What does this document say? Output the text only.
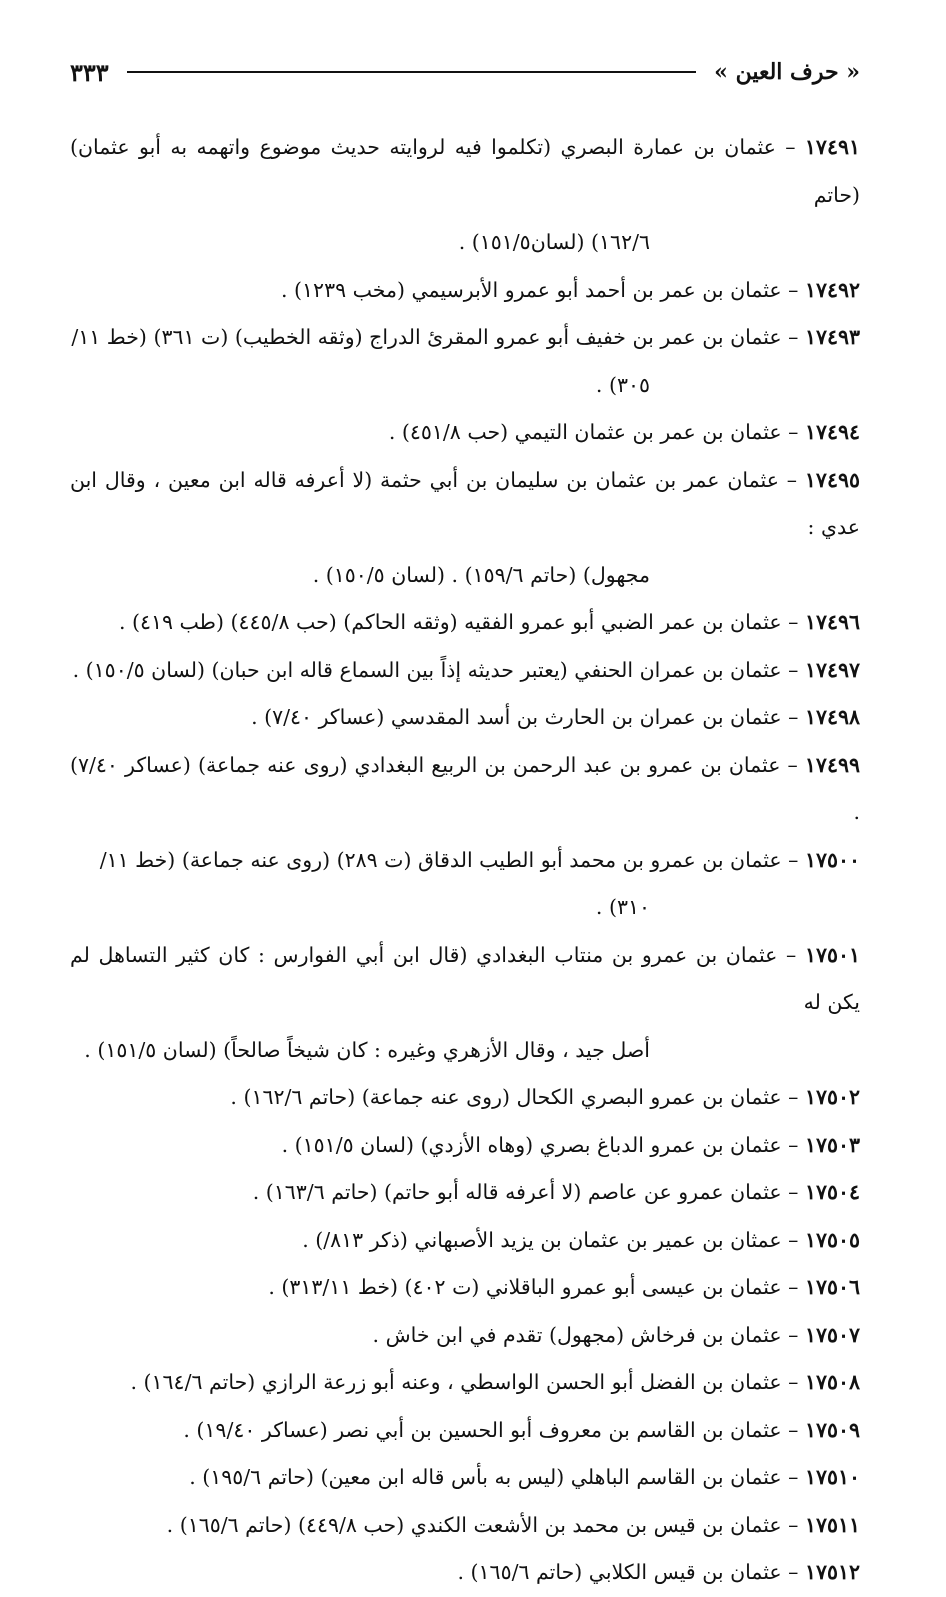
« حرف العين »
٣٣٣

١٧٤٩١ – عثمان بن عمارة البصري (تكلموا فيه لروايته حديث موضوع واتهمه به أبو عثمان) (حاتم
١٦٢/٦) (لسان١٥١/٥) .

١٧٤٩٢ – عثمان بن عمر بن أحمد أبو عمرو الأبرسيمي (مخب ١٢٣٩) .

١٧٤٩٣ – عثمان بن عمر بن خفيف أبو عمرو المقرئ الدراج (وثقه الخطيب) (ت ٣٦١) (خط ١١/
٣٠٥) .

١٧٤٩٤ – عثمان بن عمر بن عثمان التيمي (حب ٤٥١/٨) .

١٧٤٩٥ – عثمان عمر بن عثمان بن سليمان بن أبي حثمة (لا أعرفه قاله ابن معين ، وقال ابن عدي :
مجهول) (حاتم ١٥٩/٦) . (لسان ١٥٠/٥) .

١٧٤٩٦ – عثمان بن عمر الضبي أبو عمرو الفقيه (وثقه الحاكم) (حب ٤٤٥/٨) (طب ٤١٩) .

١٧٤٩٧ – عثمان بن عمران الحنفي (يعتبر حديثه إذاً بين السماع قاله ابن حبان) (لسان ١٥٠/٥) .

١٧٤٩٨ – عثمان بن عمران بن الحارث بن أسد المقدسي (عساكر ٧/٤٠) .

١٧٤٩٩ – عثمان بن عمرو بن عبد الرحمن بن الربيع البغدادي (روى عنه جماعة) (عساكر ٧/٤٠) .

١٧٥٠٠ – عثمان بن عمرو بن محمد أبو الطيب الدقاق (ت ٢٨٩) (روى عنه جماعة) (خط ١١/
٣١٠) .

١٧٥٠١ – عثمان بن عمرو بن منتاب البغدادي (قال ابن أبي الفوارس : كان كثير التساهل لم يكن له
أصل جيد ، وقال الأزهري وغيره : كان شيخاً صالحاً) (لسان ١٥١/٥) .

١٧٥٠٢ – عثمان بن عمرو البصري الكحال (روى عنه جماعة) (حاتم ١٦٢/٦) .

١٧٥٠٣ – عثمان بن عمرو الدباغ بصري (وهاه الأزدي) (لسان ١٥١/٥) .

١٧٥٠٤ – عثمان عمرو عن عاصم (لا أعرفه قاله أبو حاتم) (حاتم ١٦٣/٦) .

١٧٥٠٥ – عمثان بن عمير بن عثمان بن يزيد الأصبهاني (ذكر ٨١٣/) .

١٧٥٠٦ – عثمان بن عيسى أبو عمرو الباقلاني (ت ٤٠٢) (خط ٣١٣/١١) .

١٧٥٠٧ – عثمان بن فرخاش (مجهول) تقدم في ابن خاش .

١٧٥٠٨ – عثمان بن الفضل أبو الحسن الواسطي ، وعنه أبو زرعة الرازي (حاتم ١٦٤/٦) .

١٧٥٠٩ – عثمان بن القاسم بن معروف أبو الحسين بن أبي نصر (عساكر ١٩/٤٠) .

١٧٥١٠ – عثمان بن القاسم الباهلي (ليس به بأس قاله ابن معين) (حاتم ١٩٥/٦) .

١٧٥١١ – عثمان بن قيس بن محمد بن الأشعت الكندي (حب ٤٤٩/٨) (حاتم ١٦٥/٦) .

١٧٥١٢ – عثمان بن قيس الكلابي (حاتم ١٦٥/٦) .
